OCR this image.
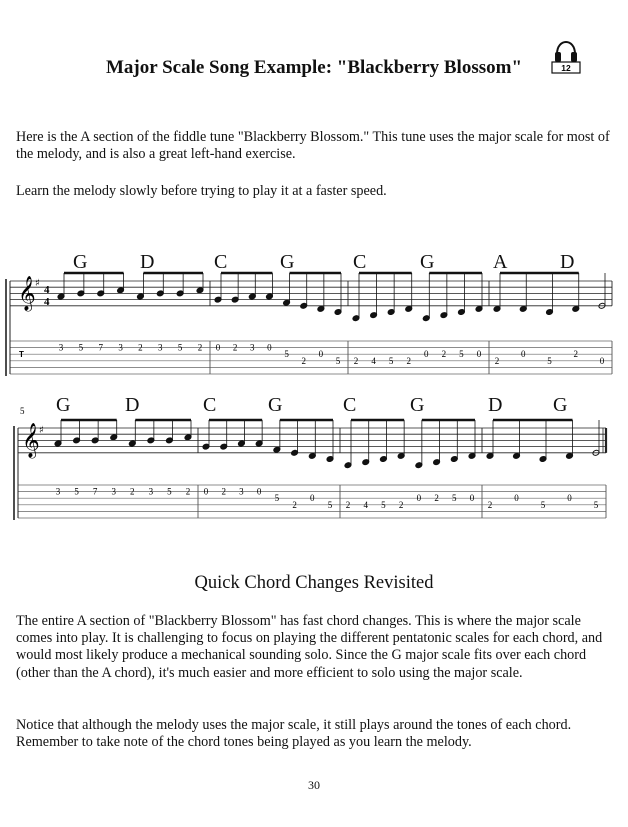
Major Scale Song Example: "Blackberry Blossom"	12

Here is the A section of the fiddle tune "Blackberry Blossom." This tune uses the major scale for most of the melody, and is also a great left-hand exercise.

Learn the melody slowly before trying to play it at a faster speed.

G	D	C	G	C	G	A	D
G	D	C	G	C	G	D	G
𝄞 ♯
4
4
T
3 5 7 3 2 3 5 2 0 2 3 0
5
2
0
5 2 4 5 2
0 2 5 0
2
0
5
2
0
𝄞 ♯
5
3 5 7 3 2 3 5 2 0 2 3 0
5
2
0
5 2 4 5 2
0 2 5 0
2
0
5
0
5
Quick Chord Changes Revisited

The entire A section of "Blackberry Blossom" has fast chord changes. This is where the major scale comes into play. It is challenging to focus on playing the different pentatonic scales for each chord, and would most likely produce a mechanical sounding solo. Since the G major scale fits over each chord (other than the A chord), it's much easier and more efficient to solo using the major scale.

Notice that although the melody uses the major scale, it still plays around the tones of each chord. Remember to take note of the chord tones being played as you learn the melody.

30
